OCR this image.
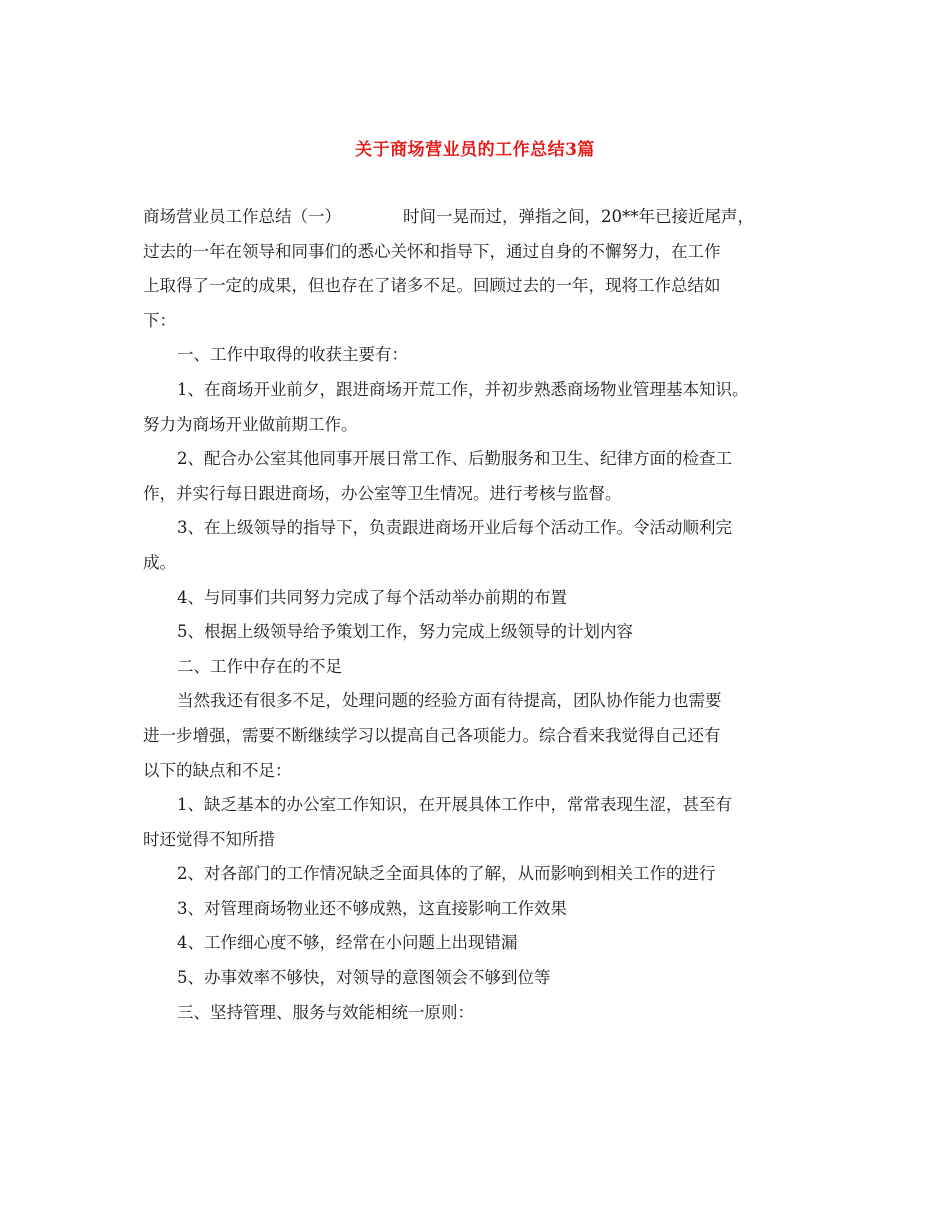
关于商场营业员的工作总结3篇
商场营业员工作总结（一）	时间一晃而过，弹指之间，20**年已接近尾声，
过去的一年在领导和同事们的悉心关怀和指导下，通过自身的不懈努力，在工作
上取得了一定的成果，但也存在了诸多不足。回顾过去的一年，现将工作总结如
下：
一、工作中取得的收获主要有：
1、在商场开业前夕，跟进商场开荒工作，并初步熟悉商场物业管理基本知识。
努力为商场开业做前期工作。
2、配合办公室其他同事开展日常工作、后勤服务和卫生、纪律方面的检查工
作，并实行每日跟进商场，办公室等卫生情况。进行考核与监督。
3、在上级领导的指导下，负责跟进商场开业后每个活动工作。令活动顺利完
成。
4、与同事们共同努力完成了每个活动举办前期的布置
5、根据上级领导给予策划工作，努力完成上级领导的计划内容
二、工作中存在的不足
当然我还有很多不足，处理问题的经验方面有待提高，团队协作能力也需要
进一步增强，需要不断继续学习以提高自己各项能力。综合看来我觉得自己还有
以下的缺点和不足：
1、缺乏基本的办公室工作知识，在开展具体工作中，常常表现生涩，甚至有
时还觉得不知所措
2、对各部门的工作情况缺乏全面具体的了解，从而影响到相关工作的进行
3、对管理商场物业还不够成熟，这直接影响工作效果
4、工作细心度不够，经常在小问题上出现错漏
5、办事效率不够快，对领导的意图领会不够到位等
三、坚持管理、服务与效能相统一原则：
